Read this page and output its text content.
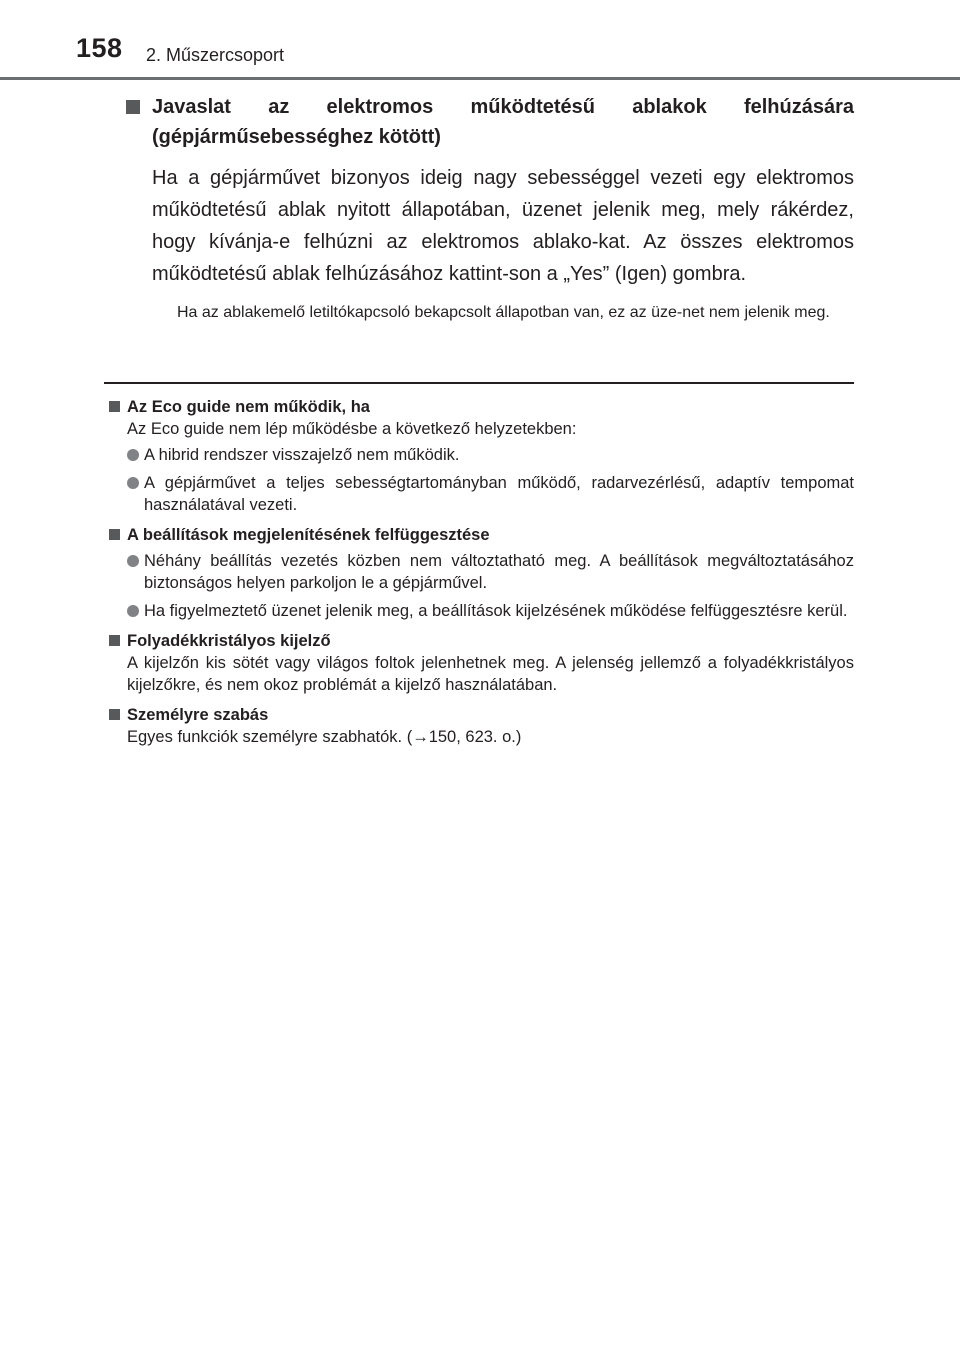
158 2. Műszercsoport
Javaslat az elektromos működtetésű ablakok felhúzására (gépjárműsebességhez kötött)
Ha a gépjárművet bizonyos ideig nagy sebességgel vezeti egy elektromos működtetésű ablak nyitott állapotában, üzenet jelenik meg, mely rákérdez, hogy kívánja-e felhúzni az elektromos ablako-kat. Az összes elektromos működtetésű ablak felhúzásához kattint-son a „Yes” (Igen) gombra.
Ha az ablakemelő letiltókapcsoló bekapcsolt állapotban van, ez az üze-net nem jelenik meg.
Az Eco guide nem működik, ha
Az Eco guide nem lép működésbe a következő helyzetekben:
A hibrid rendszer visszajelző nem működik.
A gépjárművet a teljes sebességtartományban működő, radarvezérlésű, adaptív tempomat használatával vezeti.
A beállítások megjelenítésének felfüggesztése
Néhány beállítás vezetés közben nem változtatható meg. A beállítások megváltoztatásához biztonságos helyen parkoljon le a gépjárművel.
Ha figyelmeztető üzenet jelenik meg, a beállítások kijelzésének működése felfüggesztésre kerül.
Folyadékkristályos kijelző
A kijelzőn kis sötét vagy világos foltok jelenhetnek meg. A jelenség jellemző a folyadékkristályos kijelzőkre, és nem okoz problémát a kijelző használatában.
Személyre szabás
Egyes funkciók személyre szabhatók. (→150, 623. o.)
